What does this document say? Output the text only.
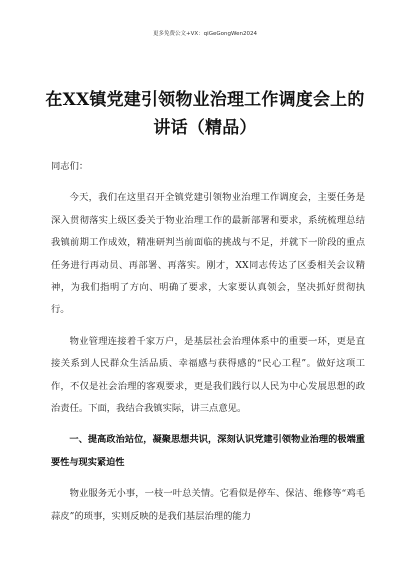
更多免费公文+VX：qiGeGongWen2024
在XX镇党建引领物业治理工作调度会上的讲话（精品）

同志们：

今天，我们在这里召开全镇党建引领物业治理工作调度会，主要任务是深入贯彻落实上级区委关于物业治理工作的最新部署和要求，系统梳理总结我镇前期工作成效，精准研判当前面临的挑战与不足，并就下一阶段的重点任务进行再动员、再部署、再落实。刚才，XX同志传达了区委相关会议精神，为我们指明了方向、明确了要求，大家要认真领会，坚决抓好贯彻执行。

物业管理连接着千家万户，是基层社会治理体系中的重要一环，更是直接关系到人民群众生活品质、幸福感与获得感的“民心工程”。做好这项工作，不仅是社会治理的客观要求，更是我们践行以人民为中心发展思想的政治责任。下面，我结合我镇实际，讲三点意见。

一、提高政治站位，凝聚思想共识，深刻认识党建引领物业治理的极端重要性与现实紧迫性

物业服务无小事，一枝一叶总关情。它看似是停车、保洁、维修等“鸡毛蒜皮”的琐事，实则反映的是我们基层治理的能力
